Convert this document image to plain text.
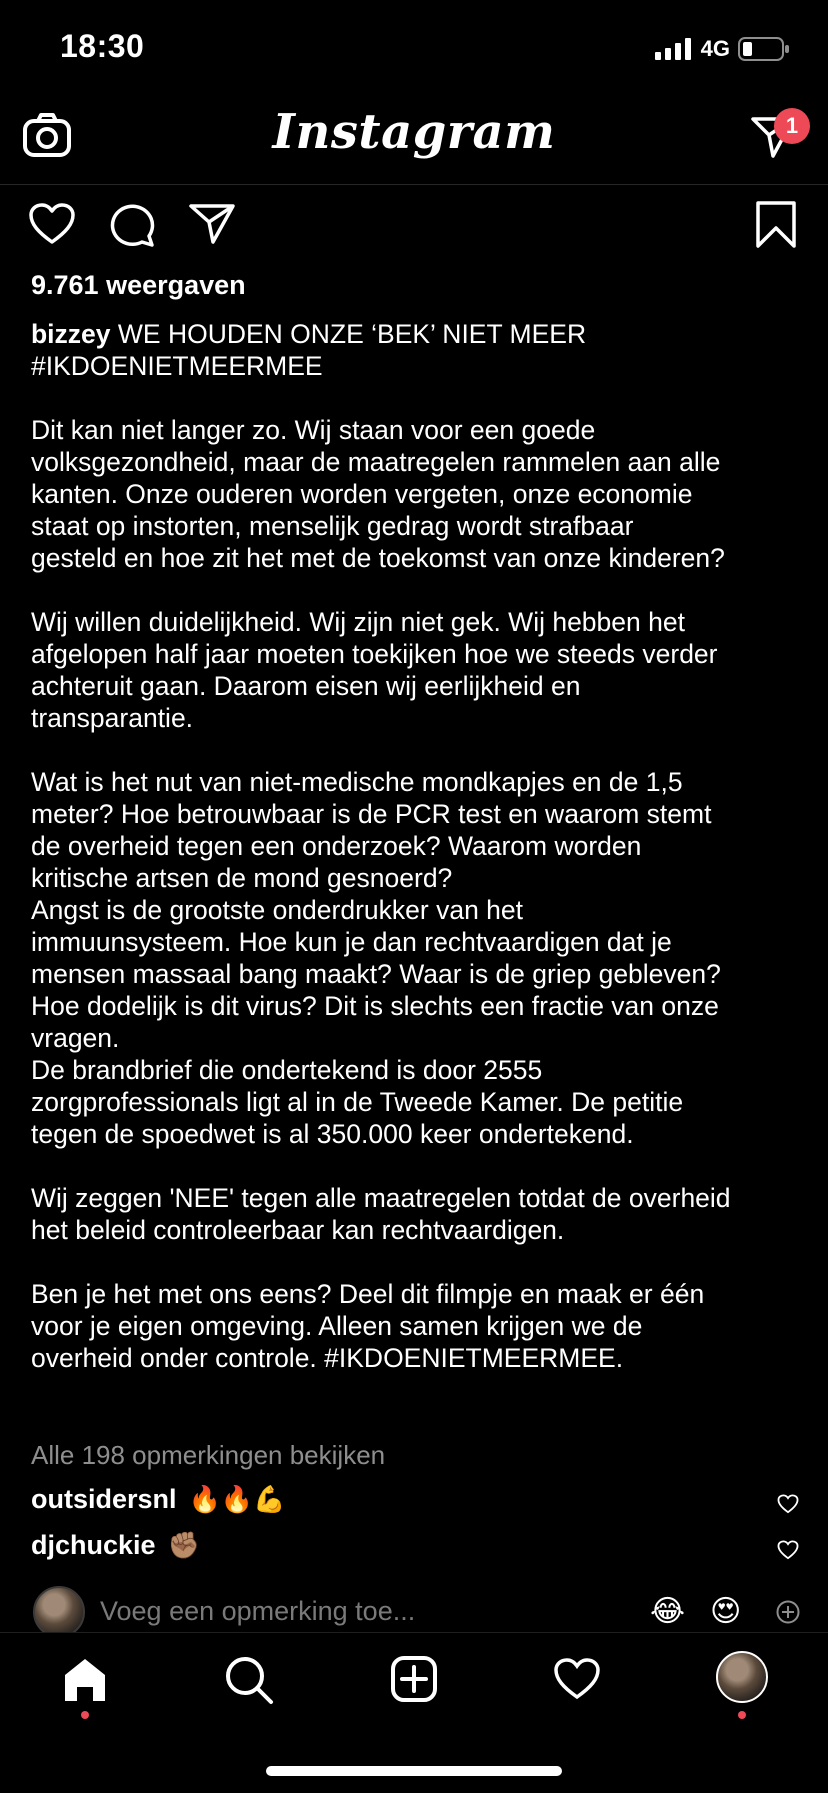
18:30	4G
Instagram	1
9.761 weergaven
bizzey WE HOUDEN ONZE ‘BEK’ NIET MEER
#IKDOENIETMEERMEE

Dit kan niet langer zo. Wij staan voor een goede
volksgezondheid, maar de maatregelen rammelen aan alle
kanten. Onze ouderen worden vergeten, onze economie
staat op instorten, menselijk gedrag wordt strafbaar
gesteld en hoe zit het met de toekomst van onze kinderen?

Wij willen duidelijkheid. Wij zijn niet gek. Wij hebben het
afgelopen half jaar moeten toekijken hoe we steeds verder
achteruit gaan. Daarom eisen wij eerlijkheid en
transparantie.

Wat is het nut van niet-medische mondkapjes en de 1,5
meter? Hoe betrouwbaar is de PCR test en waarom stemt
de overheid tegen een onderzoek? Waarom worden
kritische artsen de mond gesnoerd?
Angst is de grootste onderdrukker van het
immuunsysteem. Hoe kun je dan rechtvaardigen dat je
mensen massaal bang maakt? Waar is de griep gebleven?
Hoe dodelijk is dit virus? Dit is slechts een fractie van onze
vragen.
De brandbrief die ondertekend is door 2555
zorgprofessionals ligt al in de Tweede Kamer. De petitie
tegen de spoedwet is al 350.000 keer ondertekend.

Wij zeggen 'NEE' tegen alle maatregelen totdat de overheid
het beleid controleerbaar kan rechtvaardigen.

Ben je het met ons eens? Deel dit filmpje en maak er één
voor je eigen omgeving. Alleen samen krijgen we de
overheid onder controle. #IKDOENIETMEERMEE.
Alle 198 opmerkingen bekijken
outsidersnl 🔥🔥💪
djchuckie ✊🏽
Voeg een opmerking toe...	😂 😍
